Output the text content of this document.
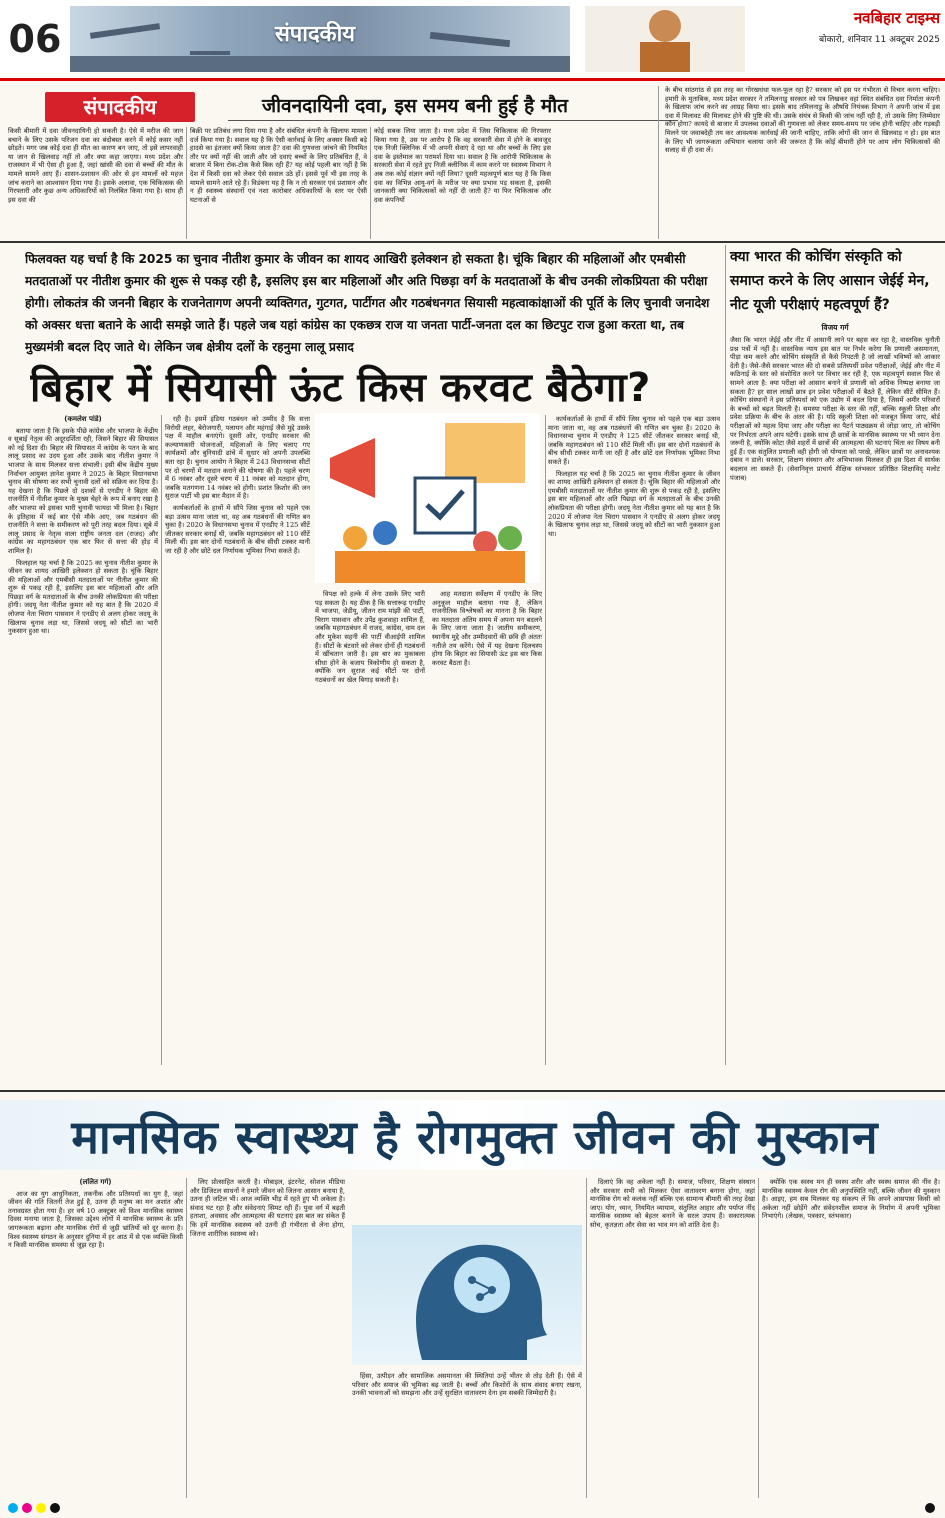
06	संपादकीय
नवबिहार टाइम्स
बोकारो, शनिवार 11 अक्टूबर 2025
संपादकीय	जीवनदायिनी दवा, इस समय बनी हुई है मौत
किसी बीमारी में दवा जीवनदायिनी हो सकती है। ऐसे में मरीज की जान बचाने के लिए उसके परिजन दवा का बंदोबस्त करने में कोई कसर नहीं छोड़ते। मगर जब कोई दवा ही मौत का कारण बन जाए, तो इसे लापरवाही या जान से खिलवाड़ नहीं तो और क्या कहा जाएगा। मध्य प्रदेश और राजस्थान में भी ऐसा ही हुआ है, जहां खांसी की दवा से बच्चों की मौत के मामले सामने आए हैं। शासन-प्रशासन की ओर से इन मामलों को महज जांच कराने का आश्वासन दिया गया है। इसके अलावा, एक चिकित्सक की गिरफ्तारी और कुछ अन्य अधिकारियों को निलंबित किया गया है। साथ ही इस दवा की
बिक्री पर प्रतिबंध लगा दिया गया है और संबंधित कंपनी के खिलाफ मामला दर्ज किया गया है। सवाल यह है कि ऐसी कार्रवाई के लिए अक्सर किसी बड़े हादसे का इंतजार क्यों किया जाता है? दवा की गुणवत्ता जांचने की नियमित तौर पर क्यों नहीं की जाती और जो दवाएं बच्चों के लिए प्रतिबंधित हैं, वे बाजार में बिना रोक-टोक कैसे बिक रही हैं? यह कोई पहली बार नहीं है कि देश में किसी दवा को लेकर ऐसे सवाल उठे हों। इससे पूर्व भी इस तरह के मामले सामने आते रहे हैं। विडंबना यह है कि न तो सरकार एवं प्रशासन और न ही स्वास्थ्य संस्थानों एवं नशा कारोबार अधिकारियों के स्तर पर ऐसी घटनाओं से
कोई सबक लिया जाता है। मध्य प्रदेश में जिस चिकित्सक की गिरफ्तार किया गया है, उस पर आरोप है कि वह सरकारी सेवा में होने के बावजूद एक निजी क्लिनिक में भी अपनी सेवाएं दे रहा था और बच्चों के लिए इस दवा के इस्तेमाल का परामर्श दिया था। सवाल है कि आरोपी चिकित्सक के सरकारी सेवा में रहते हुए निजी क्लीनिक में काम करने पर स्वास्थ्य विभाग ने अब तक कोई संज्ञान क्यों नहीं लिया? दूसरी महत्वपूर्ण बात यह है कि किस दवा का विभिन्न आयु-वर्ग के मरीज पर क्या प्रभाव पड़ सकता है, इसकी जानकारी क्या चिकित्सकों को नहीं दी जाती है? या फिर चिकित्सक और दवा कंपनियों
के बीच सांठगांठ से इस तरह का गोरखधंधा फल-फूल रहा है? सरकार को इस पर गंभीरता से विचार करना चाहिए। हमारी के मुताबिक, मध्य प्रदेश सरकार ने तमिलनाडु सरकार को पत्र लिखकर वहां स्थित संबंधित दवा निर्माता कंपनी के खिलाफ जांच करने का आग्रह किया था। इसके बाद तमिलनाडु के औषधि नियंत्रक विभाग ने अपनी जांच में इस दवा में मिलावट की मिलावट होने की पुष्टि की थी। उसके संयंत्र से किसी की जांच नहीं रही है, तो उसके लिए जिम्मेदार कौन होगा? कायदे से बाजार में उपलब्ध दवाओं की गुणवत्ता को लेकर समय-समय पर जांच होनी चाहिए और गड़बड़ी मिलने पर जवाबदेही तय कर आवश्यक कार्रवाई की जानी चाहिए, ताकि लोगों की जान से खिलवाड़ न हो। इस बात के लिए भी जागरूकता अभियान चलाया जाने की जरूरत है कि कोई बीमारी होने पर आम लोग चिकित्सकों की सलाह से ही दवा लें।
फिलवक्त यह चर्चा है कि 2025 का चुनाव नीतीश कुमार के जीवन का शायद आखिरी इलेक्शन हो सकता है। चूंकि बिहार की महिलाओं और एमबीसी मतदाताओं पर नीतीश कुमार की शुरू से पकड़ रही है, इसलिए इस बार महिलाओं और अति पिछड़ा वर्ग के मतदाताओं के बीच उनकी लोकप्रियता की परीक्षा होगी। लोकतंत्र की जननी बिहार के राजनेतागण अपनी व्यक्तिगत, गुटगत, पार्टीगत और गठबंधनगत सियासी महत्वाकांक्षाओं की पूर्ति के लिए चुनावी जनादेश को अक्सर धत्ता बताने के आदी समझे जाते हैं। पहले जब यहां कांग्रेस का एकछत्र राज या जनता पार्टी-जनता दल का छिटपुट राज हुआ करता था, तब मुख्यमंत्री बदल दिए जाते थे। लेकिन जब क्षेत्रीय दलों के रहनुमा लालू प्रसाद
बिहार में सियासी ऊंट किस करवट बैठेगा?
(कमलेश पांडे)

बताया जाता है कि इसके पीछे कांग्रेस और भाजपा के केंद्रीय व सूबाई नेतृत्व की अदूरदर्शिता रही, जिसने बिहार की सियासत को नई दिशा दी। बिहार की सियासत में कांग्रेस के पतन के बाद लालू प्रसाद का उदय हुआ और उसके बाद नीतीश कुमार ने भाजपा के साथ मिलकर सत्ता संभाली। इसी बीच केंद्रीय मुख्य निर्वाचन आयुक्त ज्ञानेश कुमार ने 2025 के बिहार विधानसभा चुनाव की घोषणा कर सभी चुनावी दलों को सक्रिय कर दिया है। यह देखना है कि पिछले दो दशकों से एनडीए ने बिहार की राजनीति में नीतीश कुमार के मुख्य चेहरे के रूप में बनाए रखा है और भाजपा को इसका भारी चुनावी फायदा भी मिला है। बिहार के इतिहास में कई बार ऐसे मौके आए, जब गठबंधन की राजनीति ने सत्ता के समीकरण को पूरी तरह बदल दिया। सूबे में लालू प्रसाद के नेतृत्व वाला राष्ट्रीय जनता दल (राजद) और कांग्रेस का महागठबंधन एक बार फिर से सत्ता की होड़ में शामिल है।

फिलहाल यह चर्चा है कि 2025 का चुनाव नीतीश कुमार के जीवन का शायद आखिरी इलेक्शन हो सकता है। चूंकि बिहार की महिलाओं और एमबीसी मतदाताओं पर नीतीश कुमार की शुरू से पकड़ रही है, इसलिए इस बार महिलाओं और अति पिछड़ा वर्ग के मतदाताओं के बीच उनकी लोकप्रियता की परीक्षा होगी। जदयू नेता नीतीश कुमार को यह बात है कि 2020 में लोजपा नेता चिराग पासवान ने एनडीए से अलग होकर जदयू के खिलाफ चुनाव लड़ा था, जिससे जदयू को सीटों का भारी नुकसान हुआ था।

रही है। इसमें इंडिया गठबंधन को उम्मीद है कि सत्ता विरोधी लहर, बेरोजगारी, पलायन और महंगाई जैसे मुद्दे उसके पक्ष में माहौल बनाएंगे। दूसरी ओर, एनडीए सरकार की कल्याणकारी योजनाओं, महिलाओं के लिए चलाए गए कार्यक्रमों और बुनियादी ढांचे में सुधार को अपनी उपलब्धि बता रहा है। चुनाव आयोग ने बिहार में 243 विधानसभा सीटों पर दो चरणों में मतदान कराने की घोषणा की है। पहले चरण में 6 नवंबर और दूसरे चरण में 11 नवंबर को मतदान होगा, जबकि मतगणना 14 नवंबर को होगी। प्रशांत किशोर की जन सुराज पार्टी भी इस बार मैदान में है।

कार्यकर्ताओं के हाथों में सौंपे जिस चुनाव को पहले एक बड़ा उत्सव माना जाता था, वह अब गठबंधनों की गणित बन चुका है। 2020 के विधानसभा चुनाव में एनडीए ने 125 सीटें जीतकर सरकार बनाई थी, जबकि महागठबंधन को 110 सीटें मिली थीं। इस बार दोनों गठबंधनों के बीच सीधी टक्कर मानी जा रही है और छोटे दल निर्णायक भूमिका निभा सकते हैं।

विपक्ष को हल्के में लेना उसके लिए भारी पड़ सकता है। यह ठीक है कि सत्तारूढ़ एनडीए में भाजपा, जेडीयू, जीतन राम मांझी की पार्टी, चिराग पासवान और उपेंद्र कुशवाहा शामिल हैं, जबकि महागठबंधन में राजद, कांग्रेस, वाम दल और मुकेश सहनी की पार्टी वीआईपी शामिल हैं। सीटों के बंटवारे को लेकर दोनों ही गठबंधनों में खींचतान जारी है। इस बार का मुकाबला सीधा होने के बजाय त्रिकोणीय हो सकता है, क्योंकि जन सुराज कई सीटों पर दोनों गठबंधनों का खेल बिगाड़ सकती है।

आह मतदाता सर्वेक्षण में एनडीए के लिए अनुकूल माहौल बताया गया है, लेकिन राजनीतिक विश्लेषकों का मानना है कि बिहार का मतदाता अंतिम समय में अपना मन बदलने के लिए जाना जाता है। जातीय समीकरण, स्थानीय मुद्दे और उम्मीदवारों की छवि ही अंततः नतीजे तय करेंगे। ऐसे में यह देखना दिलचस्प होगा कि बिहार का सियासी ऊंट इस बार किस करवट बैठता है।

कार्यकर्ताओं के हाथों में सौंपे जिस चुनाव को पहले एक बड़ा उत्सव माना जाता था, वह अब गठबंधनों की गणित बन चुका है। 2020 के विधानसभा चुनाव में एनडीए ने 125 सीटें जीतकर सरकार बनाई थी, जबकि महागठबंधन को 110 सीटें मिली थीं। इस बार दोनों गठबंधनों के बीच सीधी टक्कर मानी जा रही है और छोटे दल निर्णायक भूमिका निभा सकते हैं।

फिलहाल यह चर्चा है कि 2025 का चुनाव नीतीश कुमार के जीवन का शायद आखिरी इलेक्शन हो सकता है। चूंकि बिहार की महिलाओं और एमबीसी मतदाताओं पर नीतीश कुमार की शुरू से पकड़ रही है, इसलिए इस बार महिलाओं और अति पिछड़ा वर्ग के मतदाताओं के बीच उनकी लोकप्रियता की परीक्षा होगी। जदयू नेता नीतीश कुमार को यह बात है कि 2020 में लोजपा नेता चिराग पासवान ने एनडीए से अलग होकर जदयू के खिलाफ चुनाव लड़ा था, जिससे जदयू को सीटों का भारी नुकसान हुआ था।

क्या भारत की कोचिंग संस्कृति को समाप्त करने के लिए आसान जेईई मेन, नीट यूजी परीक्षाएं महत्वपूर्ण हैं?
विजय गर्ग
जैसा कि भारत जेईई और नीट में आसानी लाने पर बहस कर रहा है, वास्तविक चुनौती प्रश्न पत्रों में नहीं है। वास्तविक न्याय इस बात पर निर्भर करेगा कि प्रणाली असमानता, पीड़ा कम करने और कोचिंग संस्कृति से कैसे निपटती है जो लाखों भविष्यों को आकार देती है। जैसे-जैसे सरकार भारत की दो सबसे प्रतिस्पर्धी प्रवेश परीक्षाओं, जेईई और नीट में कठिनाई के स्तर को संशोधित करने पर विचार कर रही है, एक महत्वपूर्ण सवाल फिर से सामने आता है: क्या परीक्षा को आसान बनाने से प्रणाली को अधिक निष्पक्ष बनाया जा सकता है? हर साल लाखों छात्र इन प्रवेश परीक्षाओं में बैठते हैं, लेकिन सीटें सीमित हैं। कोचिंग संस्थानों ने इस प्रतिस्पर्धा को एक उद्योग में बदल दिया है, जिसमें अमीर परिवारों के बच्चों को बढ़त मिलती है। समस्या परीक्षा के स्तर की नहीं, बल्कि स्कूली शिक्षा और प्रवेश प्रक्रिया के बीच के अंतर की है। यदि स्कूली शिक्षा को मजबूत किया जाए, बोर्ड परीक्षाओं को महत्व दिया जाए और परीक्षा का पैटर्न पाठ्यक्रम से जोड़ा जाए, तो कोचिंग पर निर्भरता अपने आप घटेगी। इसके साथ ही छात्रों के मानसिक स्वास्थ्य पर भी ध्यान देना जरूरी है, क्योंकि कोटा जैसे शहरों में छात्रों की आत्महत्या की घटनाएं चिंता का विषय बनी हुई हैं। एक संतुलित प्रणाली वही होगी जो योग्यता को परखे, लेकिन छात्रों पर अनावश्यक दबाव न डाले। सरकार, शिक्षण संस्थान और अभिभावक मिलकर ही इस दिशा में सार्थक बदलाव ला सकते हैं। (सेवानिवृत्त प्राचार्य शैक्षिक स्तंभकार प्रतिष्ठित शिक्षाविद् मलोट पंजाब)
मानसिक स्वास्थ्य है रोगमुक्त जीवन की मुस्कान
(ललित गर्ग)

आज का युग आधुनिकता, तकनीक और प्रतिस्पर्धा का युग है, जहां जीवन की गति जितनी तेज हुई है, उतना ही मनुष्य का मन अशांत और तनावग्रस्त होता गया है। हर वर्ष 10 अक्टूबर को विश्व मानसिक स्वास्थ्य दिवस मनाया जाता है, जिसका उद्देश्य लोगों में मानसिक स्वास्थ्य के प्रति जागरूकता बढ़ाना और मानसिक रोगों से जुड़ी भ्रांतियों को दूर करना है। विश्व स्वास्थ्य संगठन के अनुसार दुनिया में हर आठ में से एक व्यक्ति किसी न किसी मानसिक समस्या से जूझ रहा है।

लिए प्रोत्साहित करती है। मोबाइल, इंटरनेट, सोशल मीडिया और डिजिटल साधनों ने हमारे जीवन को जितना आसान बनाया है, उतना ही जटिल भी। आज व्यक्ति भीड़ में रहते हुए भी अकेला है। संवाद घट रहा है और संवेदनाएं सिमट रही हैं। युवा वर्ग में बढ़ती हताशा, अवसाद और आत्महत्या की घटनाएं इस बात का संकेत हैं कि हमें मानसिक स्वास्थ्य को उतनी ही गंभीरता से लेना होगा, जितना शारीरिक स्वास्थ्य को।

हिंसा, उत्पीड़न और सामाजिक असमानता की स्थितियां उन्हें भीतर से तोड़ देती हैं। ऐसे में परिवार और समाज की भूमिका बढ़ जाती है। बच्चों और किशोरों के साथ संवाद बनाए रखना, उनकी भावनाओं को समझना और उन्हें सुरक्षित वातावरण देना हम सबकी जिम्मेदारी है।

दिलाएं कि वह अकेला नहीं है। समाज, परिवार, शिक्षण संस्थान और सरकार सभी को मिलकर ऐसा वातावरण बनाना होगा, जहां मानसिक रोग को कलंक नहीं बल्कि एक सामान्य बीमारी की तरह देखा जाए। योग, ध्यान, नियमित व्यायाम, संतुलित आहार और पर्याप्त नींद मानसिक स्वास्थ्य को बेहतर बनाने के सरल उपाय हैं। सकारात्मक सोच, कृतज्ञता और सेवा का भाव मन को शांति देता है।

क्योंकि एक स्वस्थ मन ही स्वस्थ शरीर और स्वस्थ समाज की नींव है। मानसिक स्वास्थ्य केवल रोग की अनुपस्थिति नहीं, बल्कि जीवन की मुस्कान है। आइए, हम सब मिलकर यह संकल्प लें कि अपने आसपास किसी को अकेला नहीं छोड़ेंगे और संवेदनशील समाज के निर्माण में अपनी भूमिका निभाएंगे। (लेखक, पत्रकार, स्तंभकार)
